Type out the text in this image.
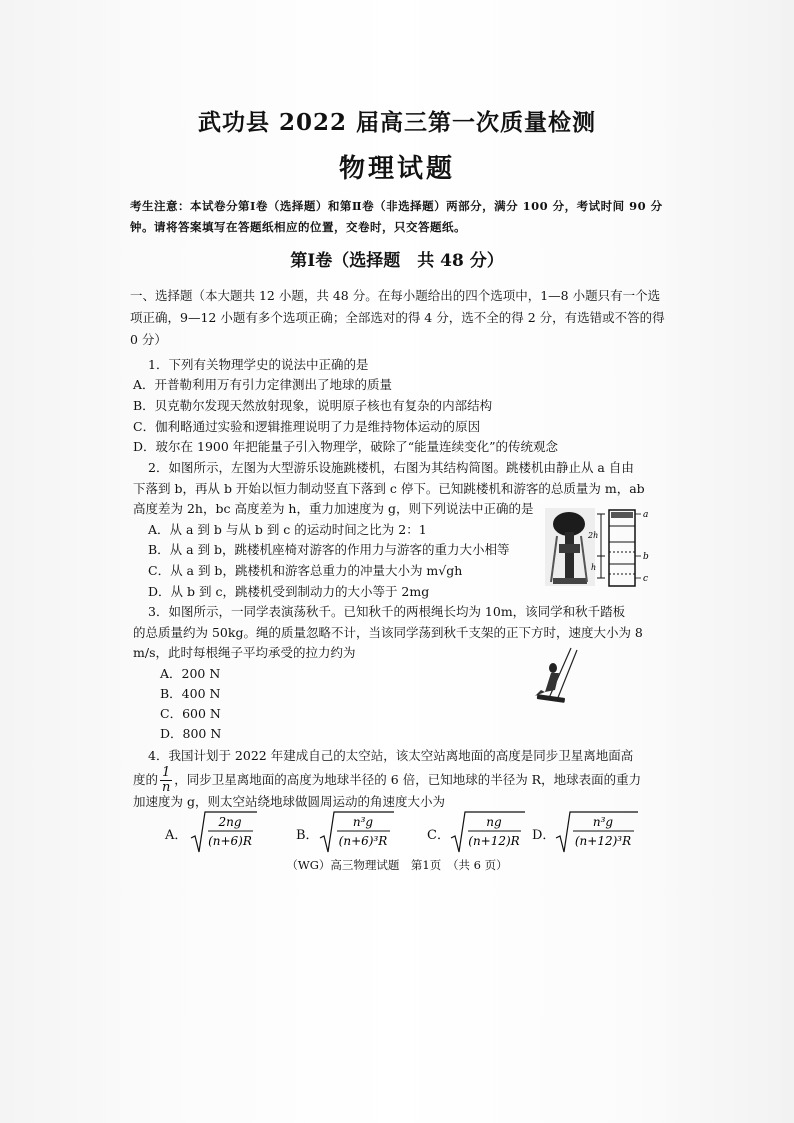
武功县 2022 届高三第一次质量检测
物理试题
考生注意：本试卷分第Ⅰ卷（选择题）和第Ⅱ卷（非选择题）两部分，满分 100 分，考试时间 90 分钟。请将答案填写在答题纸相应的位置，交卷时，只交答题纸。
第Ⅰ卷（选择题　共 48 分）
一、选择题（本大题共 12 小题，共 48 分。在每小题给出的四个选项中，1—8 小题只有一个选项正确，9—12 小题有多个选项正确；全部选对的得 4 分，选不全的得 2 分，有选错或不答的得 0 分）
1．下列有关物理学史的说法中正确的是
A．开普勒利用万有引力定律测出了地球的质量
B．贝克勒尔发现天然放射现象，说明原子核也有复杂的内部结构
C．伽利略通过实验和逻辑推理说明了力是维持物体运动的原因
D．玻尔在 1900 年把能量子引入物理学，破除了“能量连续变化”的传统观念
2．如图所示，左图为大型游乐设施跳楼机，右图为其结构简图。跳楼机由静止从 a 自由
下落到 b，再从 b 开始以恒力制动竖直下落到 c 停下。已知跳楼机和游客的总质量为 m，ab
高度差为 2h，bc 高度差为 h，重力加速度为 g，则下列说法中正确的是
A．从 a 到 b 与从 b 到 c 的运动时间之比为 2：1
B．从 a 到 b，跳楼机座椅对游客的作用力与游客的重力大小相等
C．从 a 到 b，跳楼机和游客总重力的冲量大小为 m√gh
D．从 b 到 c，跳楼机受到制动力的大小等于 2mg
a
b
c
2h
h
3．如图所示，一同学表演荡秋千。已知秋千的两根绳长均为 10m，该同学和秋千踏板
的总质量约为 50kg。绳的质量忽略不计，当该同学荡到秋千支架的正下方时，速度大小为 8
m/s，此时每根绳子平均承受的拉力约为
A．200 N
B．400 N
C．600 N
D．800 N
4．我国计划于 2022 年建成自己的太空站，该太空站离地面的高度是同步卫星离地面高
度的 $\frac{1}{n}$ ，同步卫星离地面的高度为地球半径的 6 倍，已知地球的半径为 R，地球表面的重力
加速度为 g，则太空站绕地球做圆周运动的角速度大小为
A．
2ng
(n+6)R	B．
n³g
(n+6)³R	C．
ng
(n+12)R D．
n³g
(n+12)³R
（WG）高三物理试题　第1页　（共 6 页）
